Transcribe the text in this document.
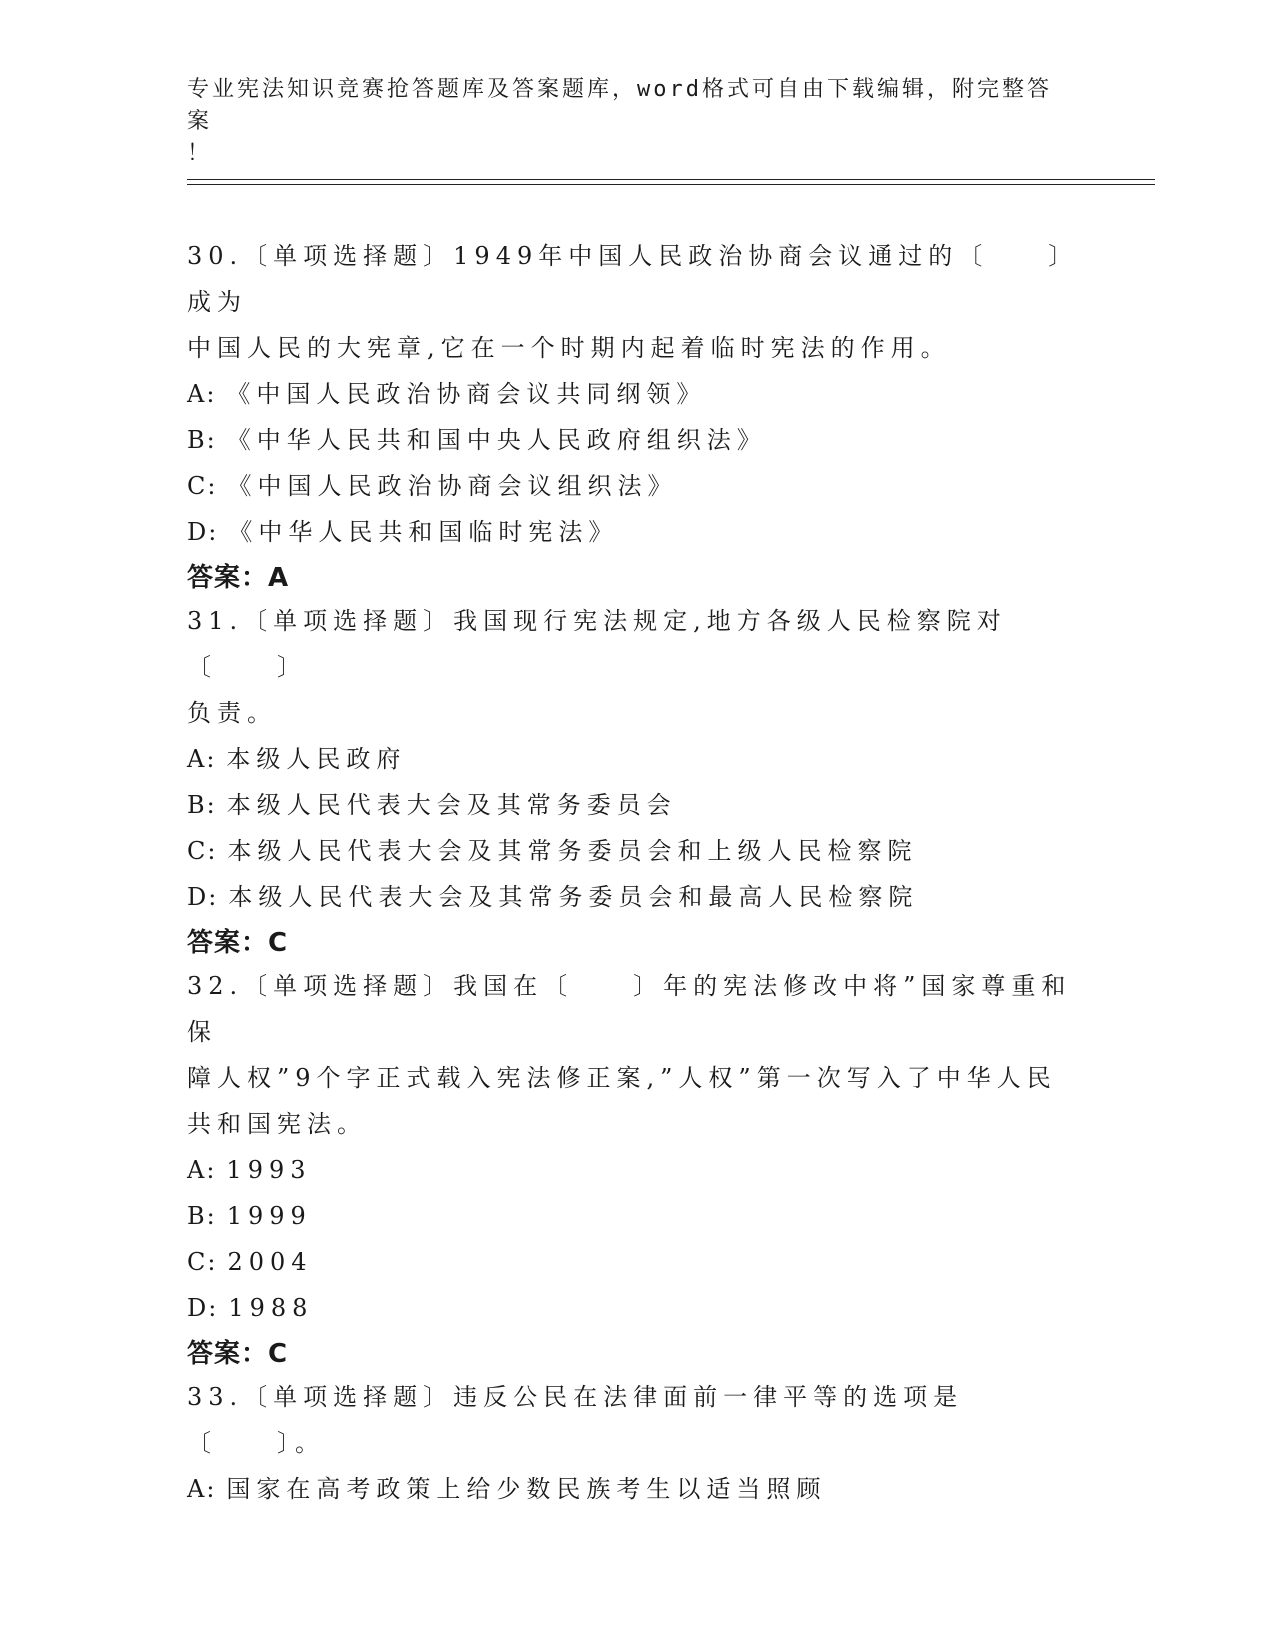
专业宪法知识竞赛抢答题库及答案题库，word格式可自由下载编辑，附完整答案
！

30.〔单项选择题〕1949年中国人民政治协商会议通过的〔　　〕成为

中国人民的大宪章,它在一个时期内起着临时宪法的作用。

A: 《中国人民政治协商会议共同纲领》

B: 《中华人民共和国中央人民政府组织法》

C: 《中国人民政治协商会议组织法》

D: 《中华人民共和国临时宪法》

答案：A

31.〔单项选择题〕我国现行宪法规定,地方各级人民检察院对〔　　〕

负责。

A: 本级人民政府

B: 本级人民代表大会及其常务委员会

C: 本级人民代表大会及其常务委员会和上级人民检察院

D: 本级人民代表大会及其常务委员会和最高人民检察院

答案：C

32.〔单项选择题〕我国在〔　　〕年的宪法修改中将”国家尊重和保

障人权”9个字正式载入宪法修正案,”人权”第一次写入了中华人民

共和国宪法。

A: 1993

B: 1999

C: 2004

D: 1988

答案：C

33.〔单项选择题〕违反公民在法律面前一律平等的选项是〔　　〕。

A: 国家在高考政策上给少数民族考生以适当照顾
